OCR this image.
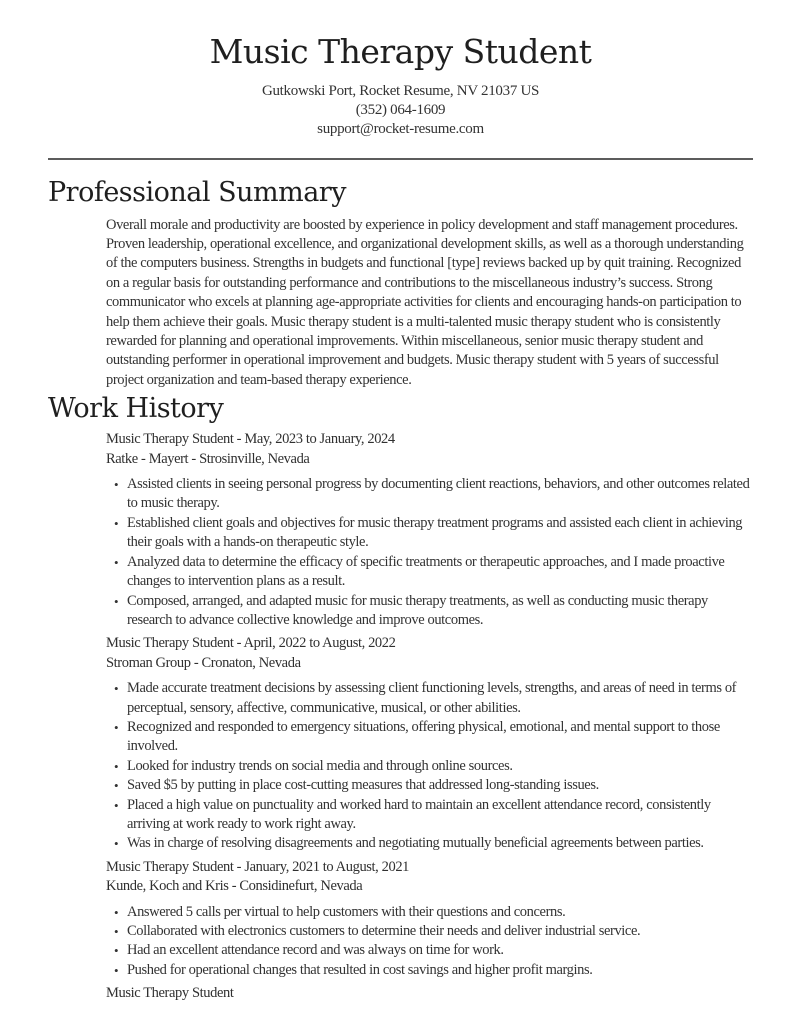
Music Therapy Student
Gutkowski Port, Rocket Resume, NV 21037 US
(352) 064-1609
support@rocket-resume.com
Professional Summary

Overall morale and productivity are boosted by experience in policy development and staff management procedures. Proven leadership, operational excellence, and organizational development skills, as well as a thorough understanding of the computers business. Strengths in budgets and functional [type] reviews backed up by quit training. Recognized on a regular basis for outstanding performance and contributions to the miscellaneous industry’s success. Strong communicator who excels at planning age-appropriate activities for clients and encouraging hands-on participation to help them achieve their goals. Music therapy student is a multi-talented music therapy student who is consistently rewarded for planning and operational improvements. Within miscellaneous, senior music therapy student and outstanding performer in operational improvement and budgets. Music therapy student with 5 years of successful project organization and team-based therapy experience.

Work History
Music Therapy Student - May, 2023 to January, 2024
Ratke - Mayert - Strosinville, Nevada
• Assisted clients in seeing personal progress by documenting client reactions, behaviors, and other outcomes related to music therapy.
• Established client goals and objectives for music therapy treatment programs and assisted each client in achieving their goals with a hands-on therapeutic style.
• Analyzed data to determine the efficacy of specific treatments or therapeutic approaches, and I made proactive changes to intervention plans as a result.
• Composed, arranged, and adapted music for music therapy treatments, as well as conducting music therapy research to advance collective knowledge and improve outcomes.
Music Therapy Student - April, 2022 to August, 2022
Stroman Group - Cronaton, Nevada
• Made accurate treatment decisions by assessing client functioning levels, strengths, and areas of need in terms of perceptual, sensory, affective, communicative, musical, or other abilities.
• Recognized and responded to emergency situations, offering physical, emotional, and mental support to those involved.
• Looked for industry trends on social media and through online sources.
• Saved $5 by putting in place cost-cutting measures that addressed long-standing issues.
• Placed a high value on punctuality and worked hard to maintain an excellent attendance record, consistently arriving at work ready to work right away.
• Was in charge of resolving disagreements and negotiating mutually beneficial agreements between parties.
Music Therapy Student - January, 2021 to August, 2021
Kunde, Koch and Kris - Considinefurt, Nevada
• Answered 5 calls per virtual to help customers with their questions and concerns.
• Collaborated with electronics customers to determine their needs and deliver industrial service.
• Had an excellent attendance record and was always on time for work.
• Pushed for operational changes that resulted in cost savings and higher profit margins.
Music Therapy Student
